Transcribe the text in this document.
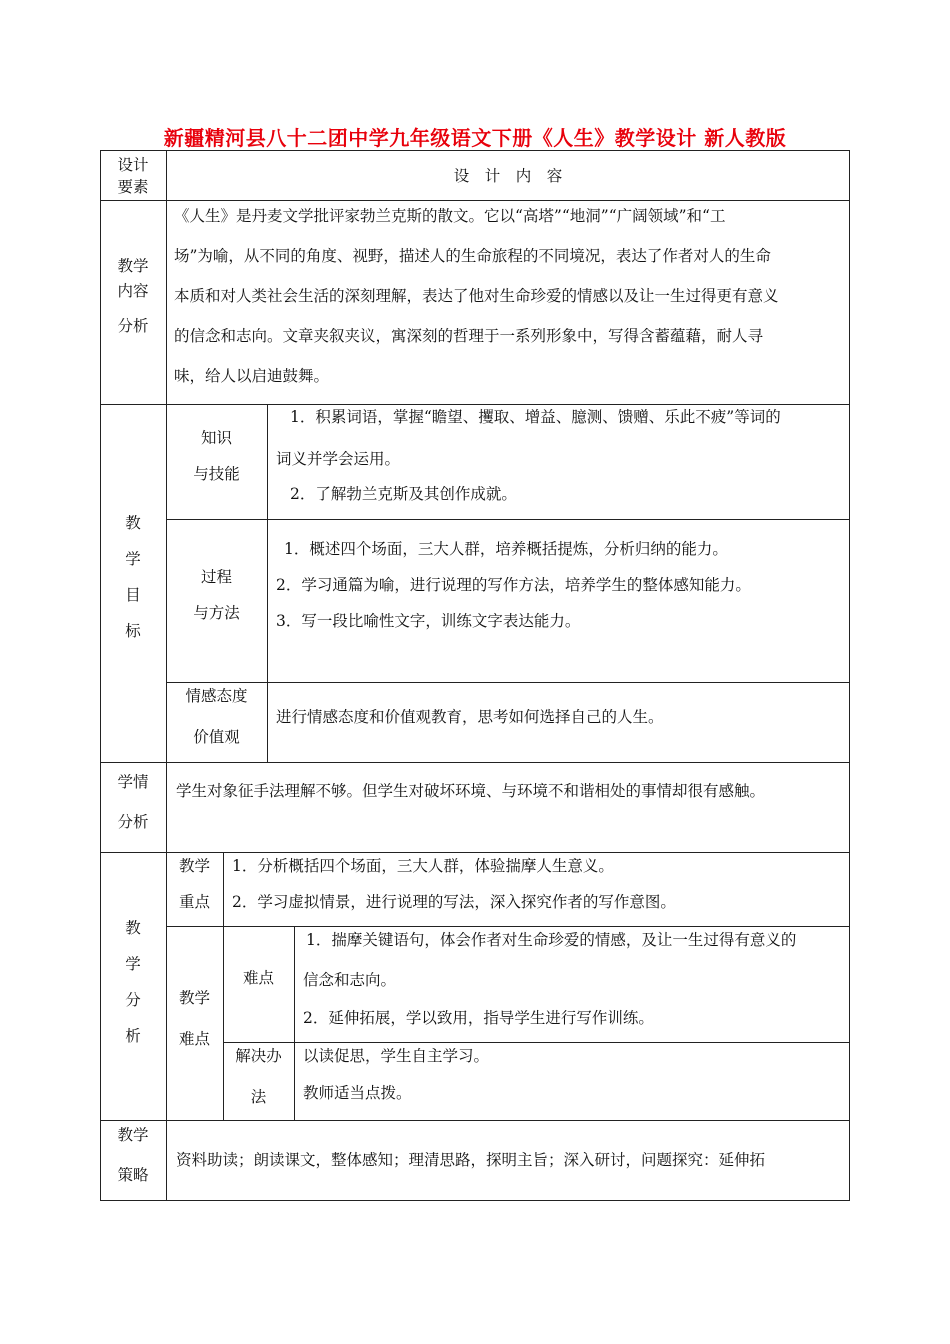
新疆精河县八十二团中学九年级语文下册《人生》教学设计 新人教版
设计
要素
设　计　内　容
教学
内容
分析
《人生》是丹麦文学批评家勃兰克斯的散文。它以“高塔”“地洞”“广阔领域”和“工
场”为喻，从不同的角度、视野，描述人的生命旅程的不同境况，表达了作者对人的生命
本质和对人类社会生活的深刻理解，表达了他对生命珍爱的情感以及让一生过得更有意义
的信念和志向。文章夹叙夹议，寓深刻的哲理于一系列形象中，写得含蓄蕴藉，耐人寻
味，给人以启迪鼓舞。
教
学
目
标
知识
与技能
1．积累词语，掌握“瞻望、攫取、增益、臆测、馈赠、乐此不疲”等词的
词义并学会运用。
2．了解勃兰克斯及其创作成就。
过程
与方法
1．概述四个场面，三大人群，培养概括提炼，分析归纳的能力。
2．学习通篇为喻，进行说理的写作方法，培养学生的整体感知能力。
3．写一段比喻性文字，训练文字表达能力。
情感态度
价值观
进行情感态度和价值观教育，思考如何选择自己的人生。
学情
分析
学生对象征手法理解不够。但学生对破坏环境、与环境不和谐相处的事情却很有感触。
教
学
分
析
教学
重点
1．分析概括四个场面，三大人群，体验揣摩人生意义。
2．学习虚拟情景，进行说理的写法，深入探究作者的写作意图。
教学
难点
难点
1．揣摩关键语句，体会作者对生命珍爱的情感，及让一生过得有意义的
信念和志向。
2．延伸拓展，学以致用，指导学生进行写作训练。
解决办
法
以读促思，学生自主学习。
教师适当点拨。
教学
策略
资料助读；朗读课文，整体感知；理清思路，探明主旨；深入研讨，问题探究：延伸拓
